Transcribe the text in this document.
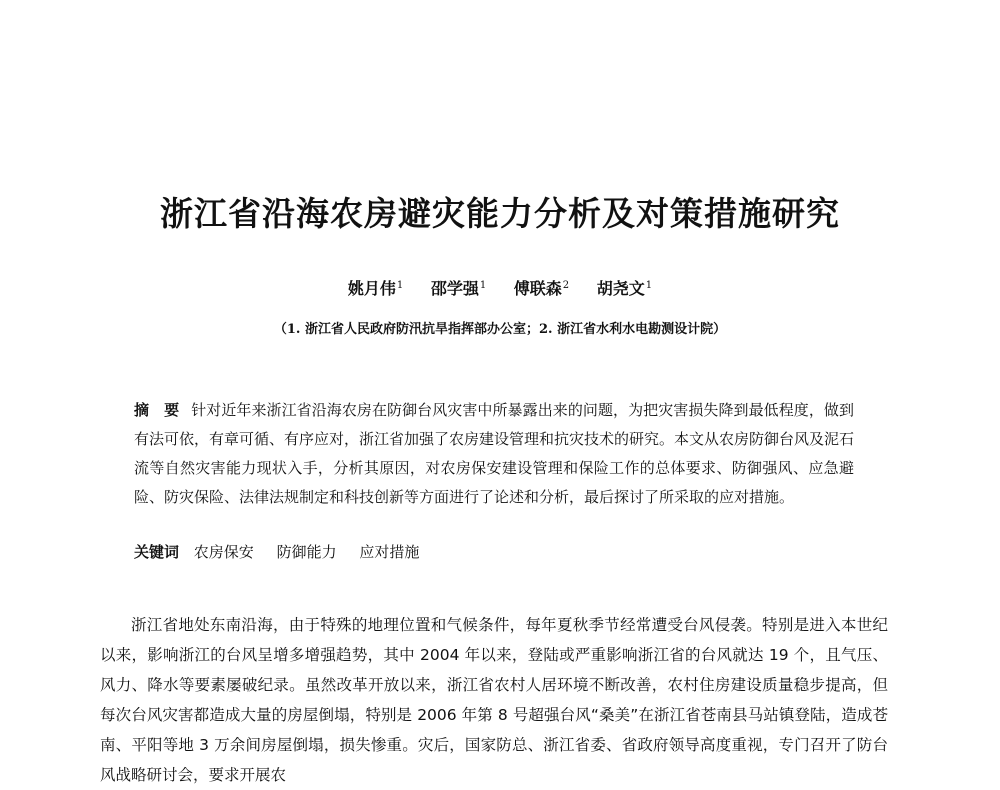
浙江省沿海农房避灾能力分析及对策措施研究
姚月伟$^1$ 邵学强$^1$ 傅联森$^2$ 胡尧文$^1$
（1. 浙江省人民政府防汛抗旱指挥部办公室；2. 浙江省水利水电勘测设计院）
摘　要 针对近年来浙江省沿海农房在防御台风灾害中所暴露出来的问题，为把灾害损失降到最低程度，做到有法可依，有章可循、有序应对，浙江省加强了农房建设管理和抗灾技术的研究。本文从农房防御台风及泥石流等自然灾害能力现状入手，分析其原因，对农房保安建设管理和保险工作的总体要求、防御强风、应急避险、防灾保险、法律法规制定和科技创新等方面进行了论述和分析，最后探讨了所采取的应对措施。
关键词 农房保安 防御能力 应对措施

浙江省地处东南沿海，由于特殊的地理位置和气候条件，每年夏秋季节经常遭受台风侵袭。特别是进入本世纪以来，影响浙江的台风呈增多增强趋势，其中 2004 年以来，登陆或严重影响浙江省的台风就达 19 个，且气压、风力、降水等要素屡破纪录。虽然改革开放以来，浙江省农村人居环境不断改善，农村住房建设质量稳步提高，但每次台风灾害都造成大量的房屋倒塌，特别是 2006 年第 8 号超强台风“桑美”在浙江省苍南县马站镇登陆，造成苍南、平阳等地 3 万余间房屋倒塌，损失惨重。灾后，国家防总、浙江省委、省政府领导高度重视，专门召开了防台风战略研讨会，要求开展农
